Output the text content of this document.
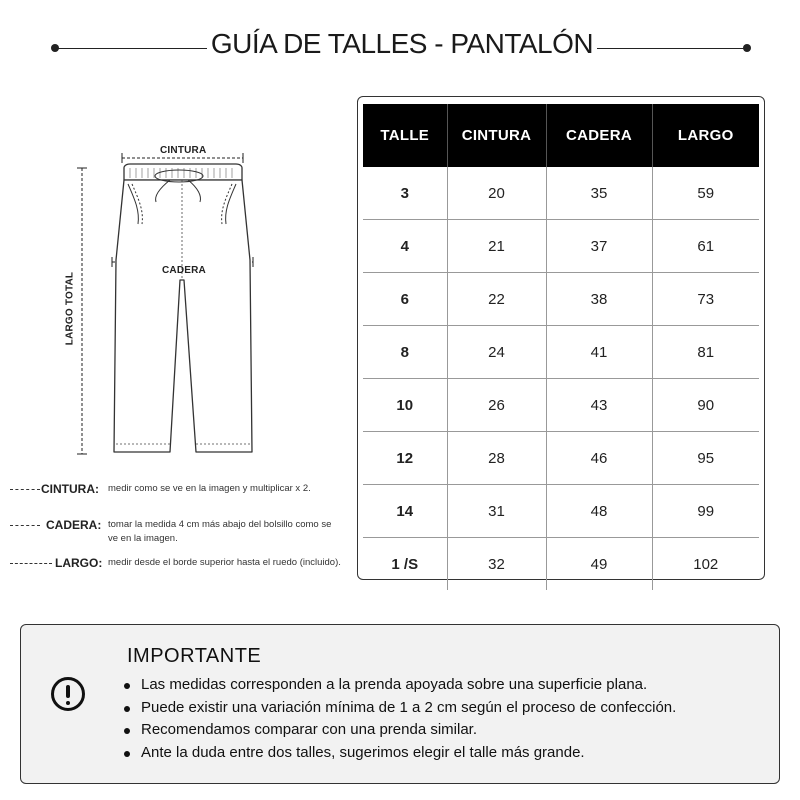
GUÍA DE TALLES - PANTALÓN
CINTURA
CADERA
LARGO TOTAL
CINTURA: medir como se ve en la imagen y multiplicar x 2.
CADERA: tomar la medida 4 cm más abajo del bolsillo como se ve en la imagen.
LARGO: medir desde el borde superior hasta el ruedo (incluido).
TALLE	CINTURA	CADERA	LARGO
3	20	35	59
4	21	37	61
6	22	38	73
8	24	41	81
10	26	43	90
12	28	46	95
14	31	48	99
1 /S	32	49	102
IMPORTANTE
Las medidas corresponden a la prenda apoyada sobre una superficie plana.
Puede existir una variación mínima de 1 a 2 cm según el proceso de confección.
Recomendamos comparar con una prenda similar.
Ante la duda entre dos talles, sugerimos elegir el talle más grande.
